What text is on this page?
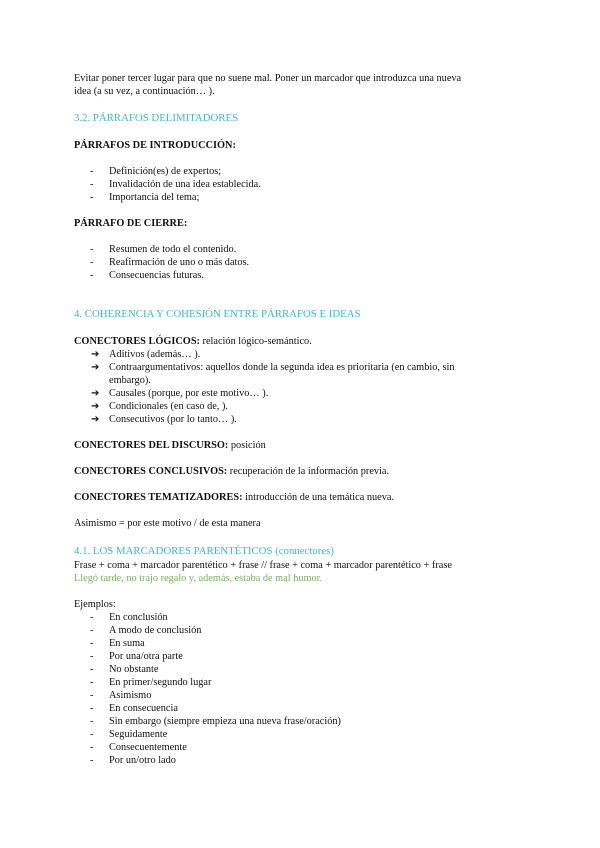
Evitar poner tercer lugar para que no suene mal. Poner un marcador que introduzca una nueva

idea (a su vez, a continuación… ).

3.2. PÁRRAFOS DELIMITADORES

PÁRRAFOS DE INTRODUCCIÓN:

- Definición(es) de expertos;
- Invalidación de una idea establecida.
- Importancia del tema;

PÁRRAFO DE CIERRE:

- Resumen de todo el contenido.
- Reafirmación de uno o más datos.
- Consecuencias futuras.

4. COHERENCIA Y COHESIÓN ENTRE PÁRRAFOS E IDEAS

CONECTORES LÓGICOS: relación lógico-semántico.

➔ Aditivos (además… ).
➔ Contraargumentativos: aquellos donde la segunda idea es prioritaria (en cambio, sin
embargo).
➔ Causales (porque, por este motivo… ).
➔ Condicionales (en caso de, ).
➔ Consecutivos (por lo tanto… ).

CONECTORES DEL DISCURSO: posición

CONECTORES CONCLUSIVOS: recuperación de la información previa.

CONECTORES TEMATIZADORES: introducción de una temática nueva.

Asimismo = por este motivo / de esta manera

4.1. LOS MARCADORES PARENTÉTICOS (connectores)

Frase + coma + marcador parentético + frase // frase + coma + marcador parentético + frase

Llegó tarde, no trajo regalo y, además, estaba de mal humor.

Ejemplos:

- En conclusión
- A modo de conclusión
- En suma
- Por una/otra parte
- No obstante
- En primer/segundo lugar
- Asimismo
- En consecuencia
- Sin embargo (siempre empieza una nueva frase/oración)
- Seguidamente
- Consecuentemente
- Por un/otro lado
